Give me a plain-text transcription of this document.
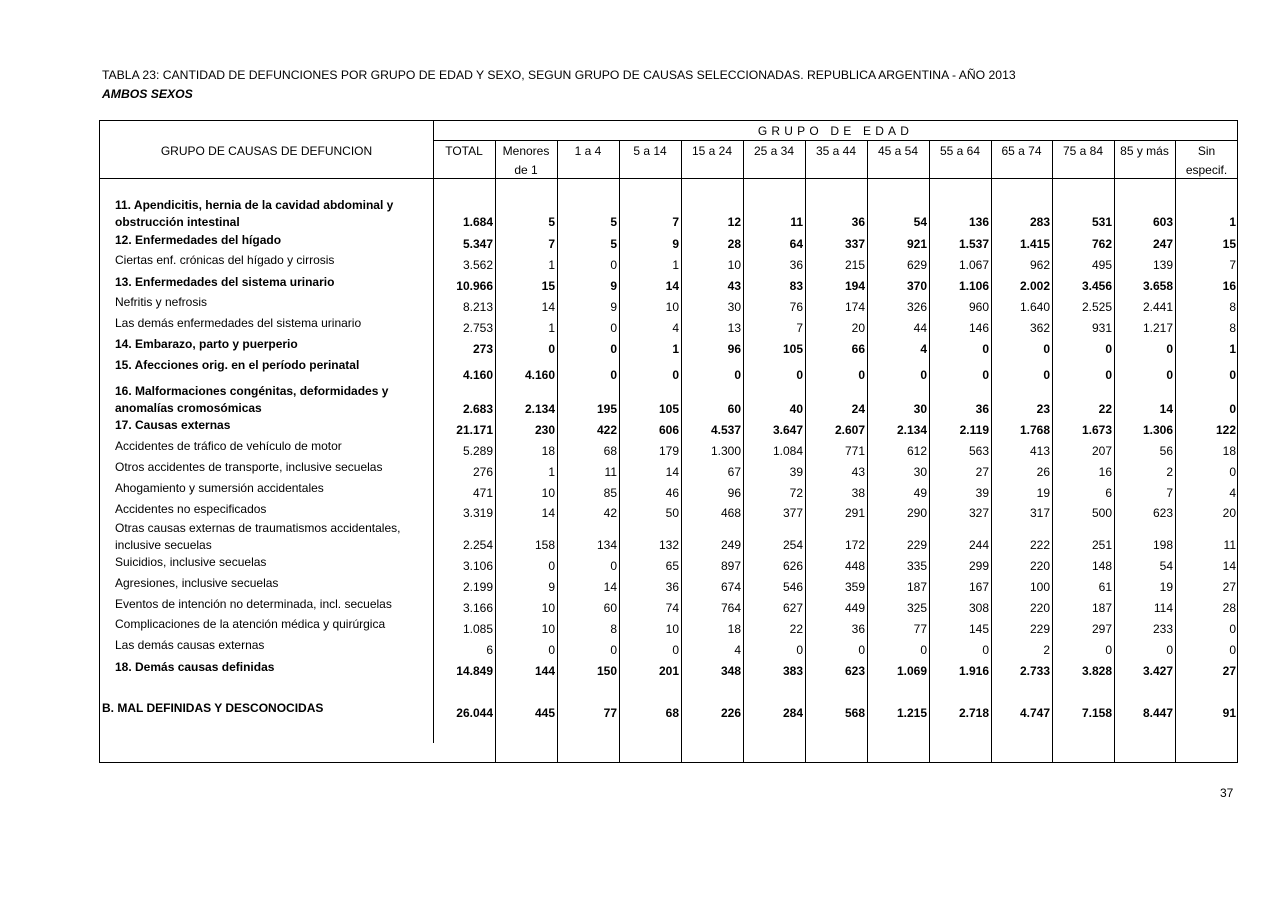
TABLA 23: CANTIDAD DE DEFUNCIONES POR GRUPO DE EDAD Y SEXO, SEGUN GRUPO DE CAUSAS SELECCIONADAS. REPUBLICA ARGENTINA - AÑO 2013
AMBOS SEXOS
GRUPO DE EDAD
GRUPO DE CAUSAS DE DEFUNCION	TOTAL	Menores
de 1
1 a 4	5 a 14	15 a 24	25 a 34	35 a 44	45 a 54	55 a 64	65 a 74	75 a 84	85 y más	Sin
especif.
11. Apendicitis, hernia de la cavidad abdominal y
obstrucción intestinal	1.684	5	5	7	12	11	36	54	136	283	531	603	1
12. Enfermedades del hígado	5.347	7	5	9	28	64	337	921	1.537	1.415	762	247	15
Ciertas enf. crónicas del hígado y cirrosis	3.562	1	0	1	10	36	215	629	1.067	962	495	139	7
13. Enfermedades del sistema urinario	10.966	15	9	14	43	83	194	370	1.106	2.002	3.456	3.658	16
Nefritis y nefrosis	8.213	14	9	10	30	76	174	326	960	1.640	2.525	2.441	8
Las demás enfermedades del sistema urinario	2.753	1	0	4	13	7	20	44	146	362	931	1.217	8
14. Embarazo, parto y puerperio	273	0	0	1	96	105	66	4	0	0	0	0	1
15. Afecciones orig. en el período perinatal
4.160	4.160	0	0	0	0	0	0	0	0	0	0	0
16. Malformaciones congénitas, deformidades y
anomalías cromosómicas	2.683	2.134	195	105	60	40	24	30	36	23	22	14	0
17. Causas externas	21.171	230	422	606	4.537	3.647	2.607	2.134	2.119	1.768	1.673	1.306	122
Accidentes de tráfico de vehículo de motor	5.289	18	68	179	1.300	1.084	771	612	563	413	207	56	18
Otros accidentes de transporte, inclusive secuelas	276	1	11	14	67	39	43	30	27	26	16	2	0
Ahogamiento y sumersión accidentales	471	10	85	46	96	72	38	49	39	19	6	7	4
Accidentes no especificados	3.319	14	42	50	468	377	291	290	327	317	500	623	20
Otras causas externas de traumatismos accidentales,
inclusive secuelas	2.254	158	134	132	249	254	172	229	244	222	251	198	11
Suicidios, inclusive secuelas	3.106	0	0	65	897	626	448	335	299	220	148	54	14
Agresiones, inclusive secuelas	2.199	9	14	36	674	546	359	187	167	100	61	19	27
Eventos de intención no determinada, incl. secuelas	3.166	10	60	74	764	627	449	325	308	220	187	114	28
Complicaciones de la atención médica y quirúrgica	1.085	10	8	10	18	22	36	77	145	229	297	233	0
Las demás causas externas	6	0	0	0	4	0	0	0	0	2	0	0	0
18. Demás causas definidas	14.849	144	150	201	348	383	623	1.069	1.916	2.733	3.828	3.427	27
B. MAL DEFINIDAS Y DESCONOCIDAS	26.044	445	77	68	226	284	568	1.215	2.718	4.747	7.158	8.447	91
37
